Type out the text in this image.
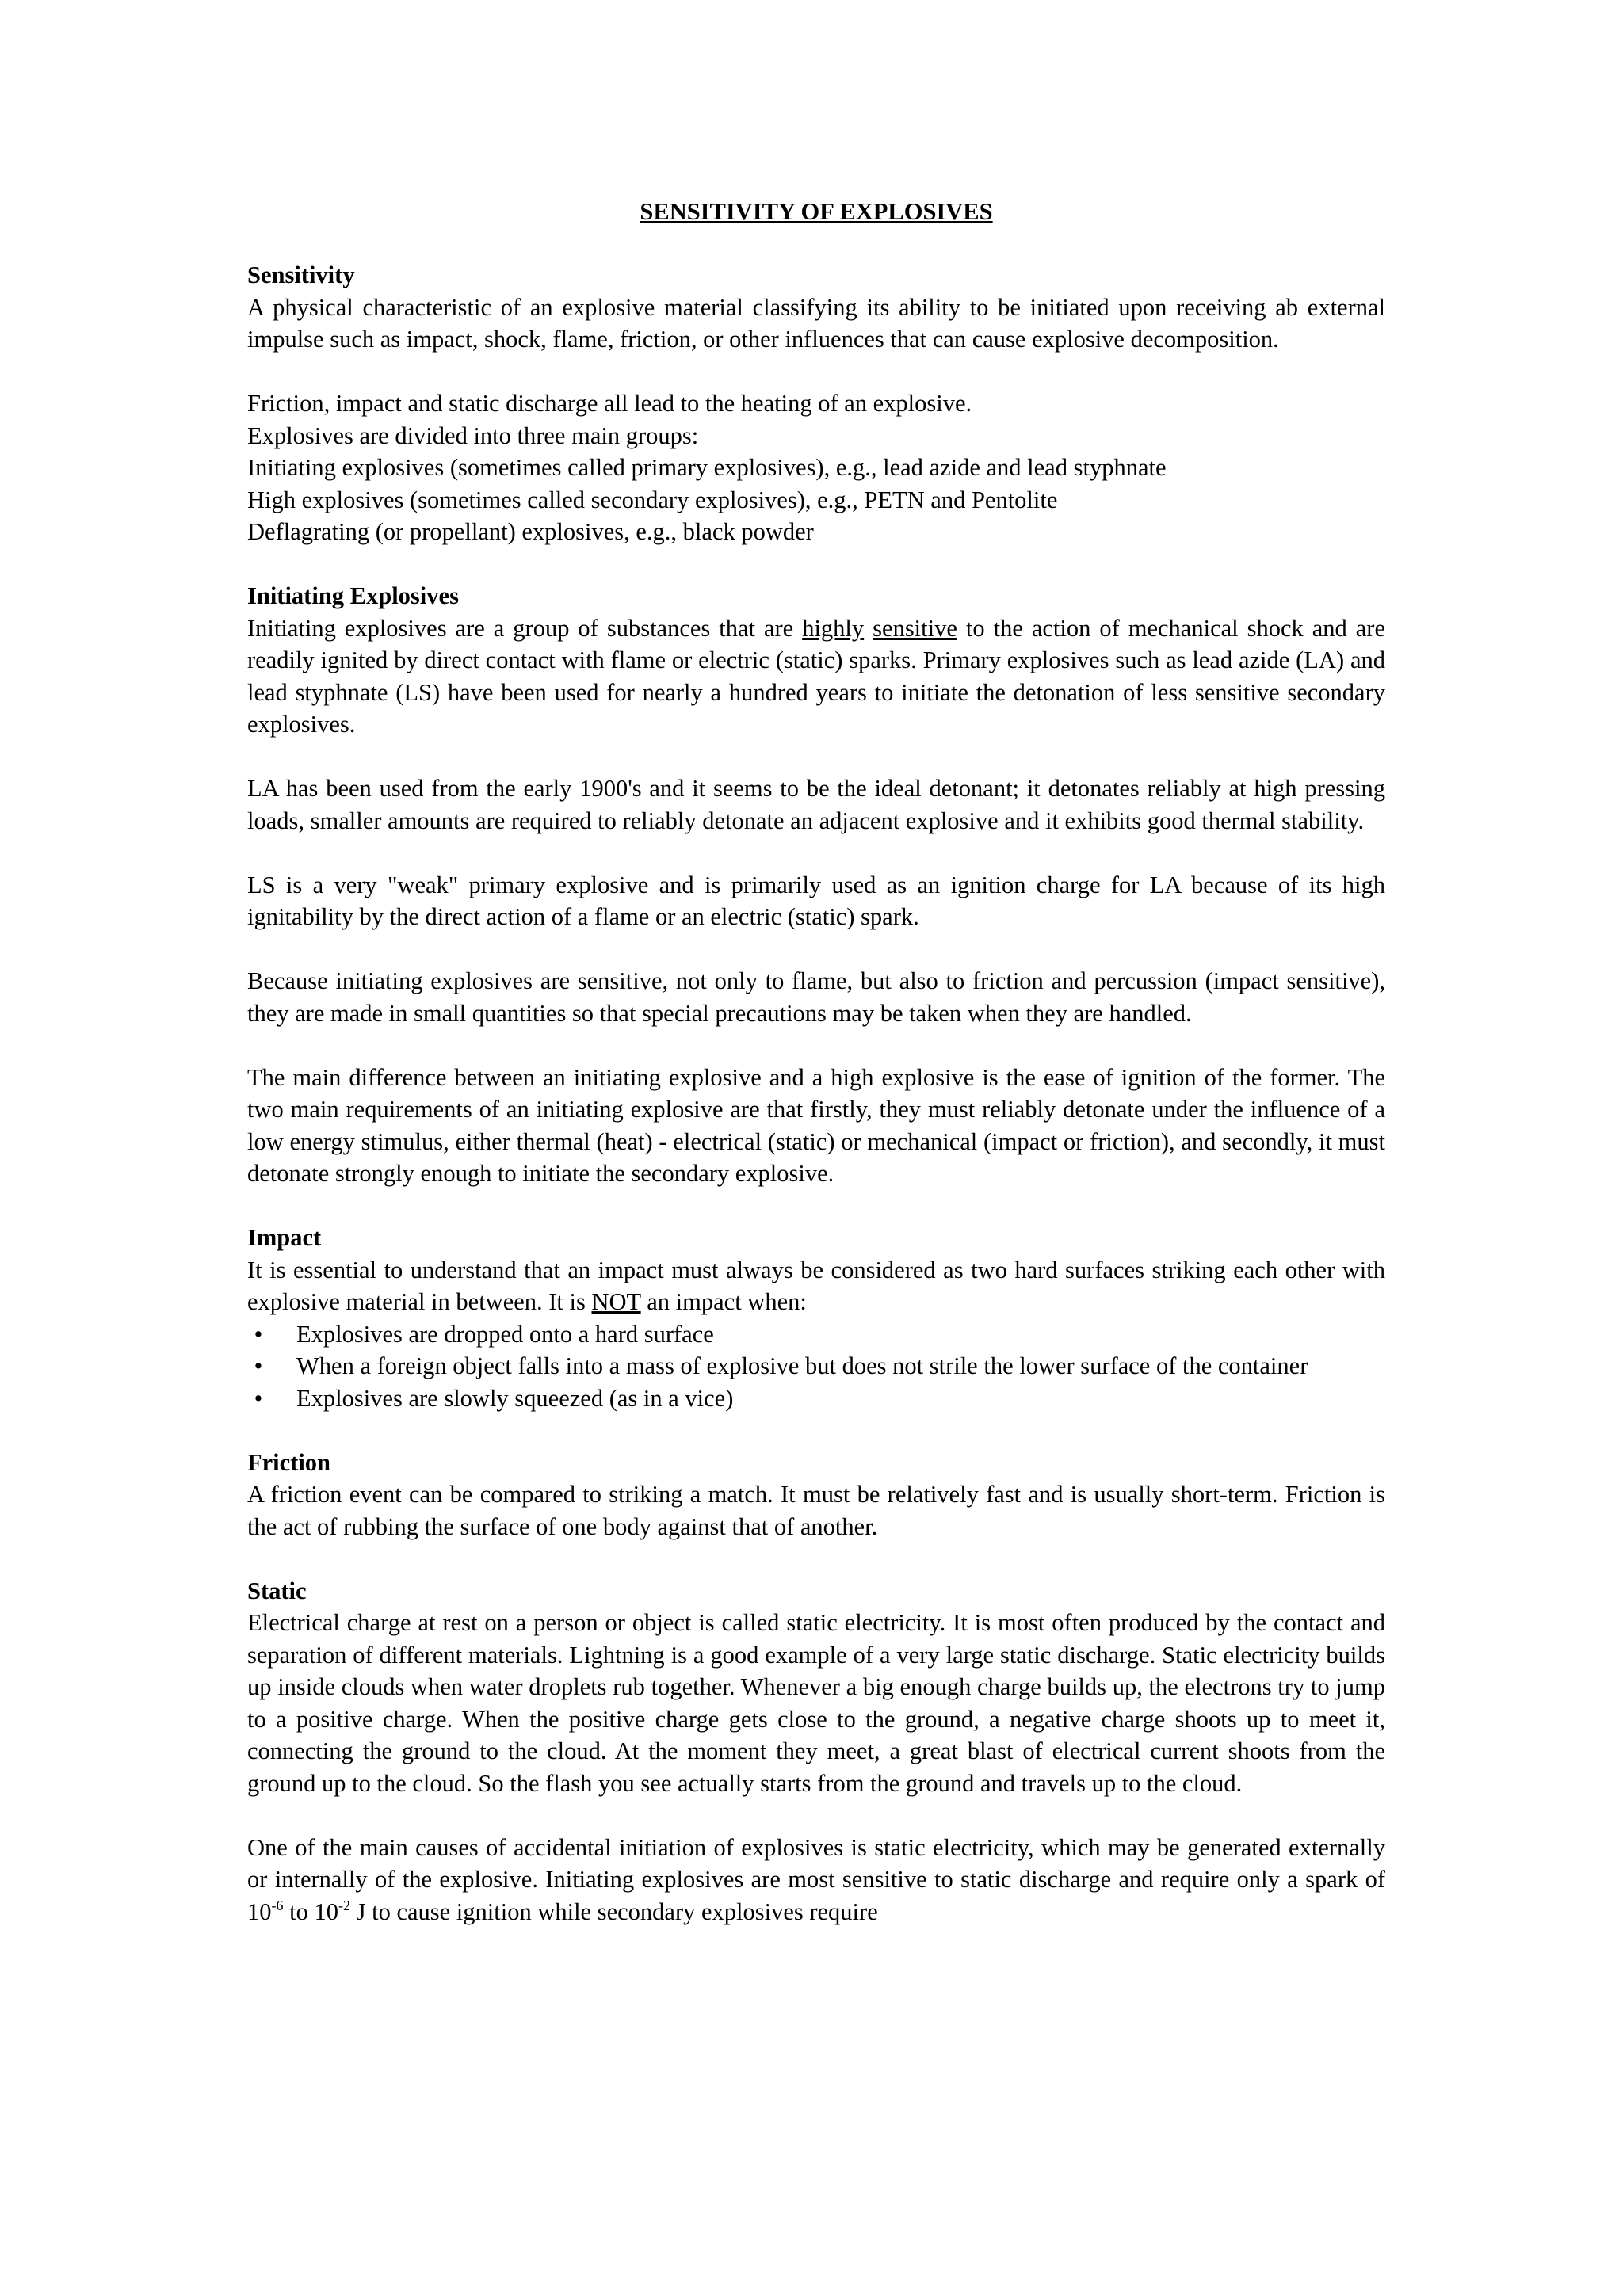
SENSITIVITY OF EXPLOSIVES

Sensitivity

A physical characteristic of an explosive material classifying its ability to be initiated upon receiving ab external impulse such as impact, shock, flame, friction, or other influences that can cause explosive decomposition.

Friction, impact and static discharge all lead to the heating of an explosive.

Explosives are divided into three main groups:

Initiating explosives (sometimes called primary explosives), e.g., lead azide and lead styphnate

High explosives (sometimes called secondary explosives), e.g., PETN and Pentolite

Deflagrating (or propellant) explosives, e.g., black powder

Initiating Explosives

Initiating explosives are a group of substances that are highly sensitive to the action of mechanical shock and are readily ignited by direct contact with flame or electric (static) sparks. Primary explosives such as lead azide (LA) and lead styphnate (LS) have been used for nearly a hundred years to initiate the detonation of less sensitive secondary explosives.

LA has been used from the early 1900's and it seems to be the ideal detonant; it detonates reliably at high pressing loads, smaller amounts are required to reliably detonate an adjacent explosive and it exhibits good thermal stability.

LS is a very "weak" primary explosive and is primarily used as an ignition charge for LA because of its high ignitability by the direct action of a flame or an electric (static) spark.

Because initiating explosives are sensitive, not only to flame, but also to friction and percussion (impact sensitive), they are made in small quantities so that special precautions may be taken when they are handled.

The main difference between an initiating explosive and a high explosive is the ease of ignition of the former. The two main requirements of an initiating explosive are that firstly, they must reliably detonate under the influence of a low energy stimulus, either thermal (heat) - electrical (static) or mechanical (impact or friction), and secondly, it must detonate strongly enough to initiate the secondary explosive.

Impact

It is essential to understand that an impact must always be considered as two hard surfaces striking each other with explosive material in between. It is NOT an impact when:

• Explosives are dropped onto a hard surface
• When a foreign object falls into a mass of explosive but does not strile the lower surface of the container
• Explosives are slowly squeezed (as in a vice)

Friction

A friction event can be compared to striking a match. It must be relatively fast and is usually short-term. Friction is the act of rubbing the surface of one body against that of another.

Static

Electrical charge at rest on a person or object is called static electricity. It is most often produced by the contact and separation of different materials. Lightning is a good example of a very large static discharge. Static electricity builds up inside clouds when water droplets rub together. Whenever a big enough charge builds up, the electrons try to jump to a positive charge. When the positive charge gets close to the ground, a negative charge shoots up to meet it, connecting the ground to the cloud. At the moment they meet, a great blast of electrical current shoots from the ground up to the cloud. So the flash you see actually starts from the ground and travels up to the cloud.

One of the main causes of accidental initiation of explosives is static electricity, which may be generated externally or internally of the explosive. Initiating explosives are most sensitive to static discharge and require only a spark of $10^{-6}$ to $10^{-2}$ J to cause ignition while secondary explosives require
